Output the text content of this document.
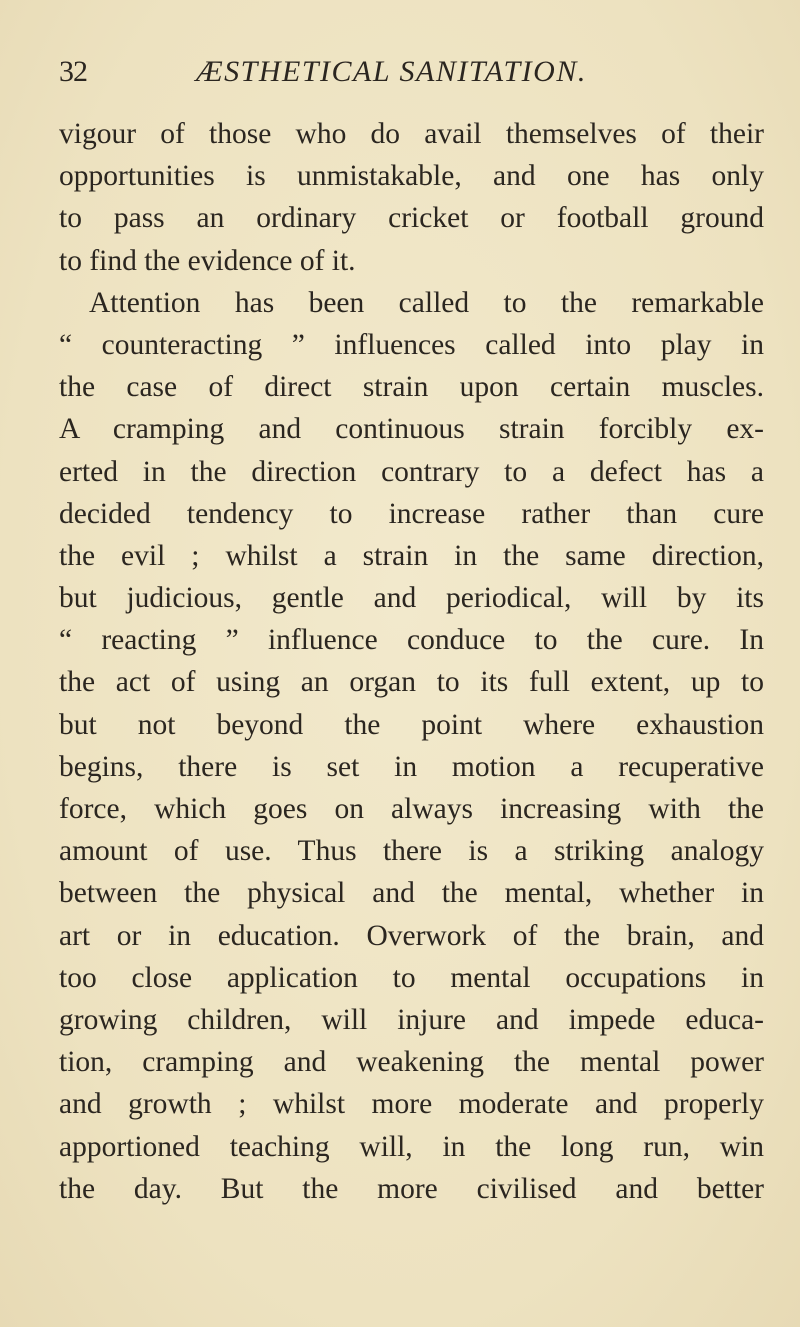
32	ÆSTHETICAL SANITATION.
vigour of those who do avail themselves of their
opportunities is unmistakable, and one has only
to pass an ordinary cricket or football ground
to find the evidence of it.
Attention has been called to the remarkable
“ counteracting ” influences called into play in
the case of direct strain upon certain muscles.
A cramping and continuous strain forcibly ex-
erted in the direction contrary to a defect has a
decided tendency to increase rather than cure
the evil ; whilst a strain in the same direction,
but judicious, gentle and periodical, will by its
“ reacting ” influence conduce to the cure. In
the act of using an organ to its full extent, up to
but not beyond the point where exhaustion
begins, there is set in motion a recuperative
force, which goes on always increasing with the
amount of use. Thus there is a striking analogy
between the physical and the mental, whether in
art or in education. Overwork of the brain, and
too close application to mental occupations in
growing children, will injure and impede educa-
tion, cramping and weakening the mental power
and growth ; whilst more moderate and properly
apportioned teaching will, in the long run, win
the day. But the more civilised and better
